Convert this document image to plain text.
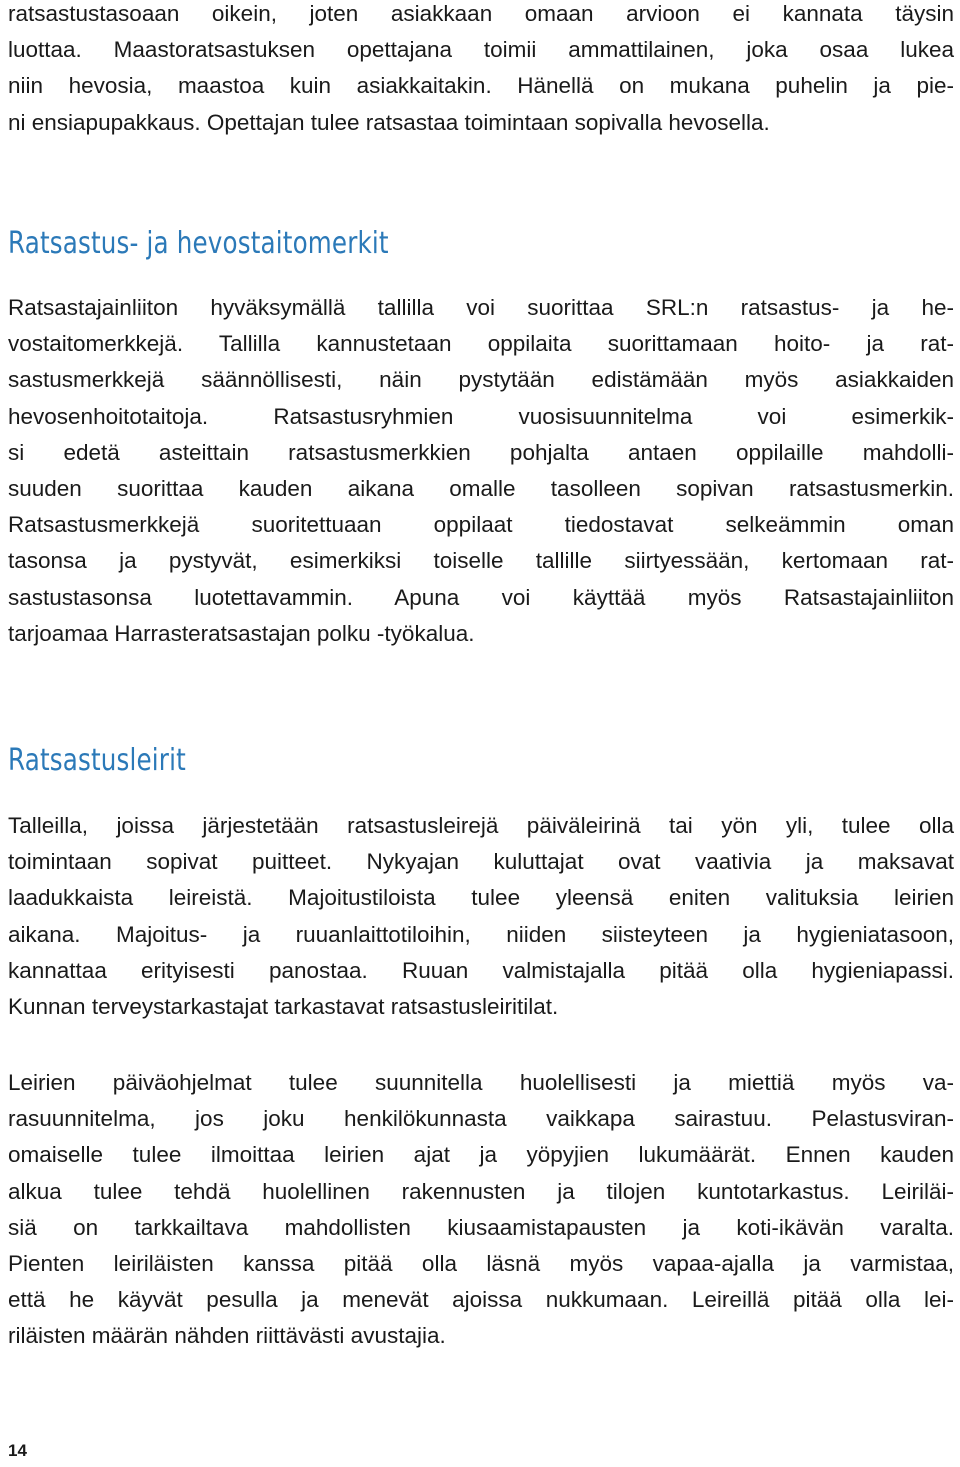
ratsastustasoaan oikein, joten asiakkaan omaan arvioon ei kannata täysin
luottaa. Maastoratsastuksen opettajana toimii ammattilainen, joka osaa lukea
niin hevosia, maastoa kuin asiakkaitakin. Hänellä on mukana puhelin ja pie-
ni ensiapupakkaus. Opettajan tulee ratsastaa toimintaan sopivalla hevosella.
Ratsastus- ja hevostaitomerkit
Ratsastajainliiton hyväksymällä tallilla voi suorittaa SRL:n ratsastus- ja he-
vostaitomerkkejä. Tallilla kannustetaan oppilaita suorittamaan hoito- ja rat-
sastusmerkkejä säännöllisesti, näin pystytään edistämään myös asiakkaiden
hevosenhoitotaitoja. Ratsastusryhmien vuosisuunnitelma voi esimerkik-
si edetä asteittain ratsastusmerkkien pohjalta antaen oppilaille mahdolli-
suuden suorittaa kauden aikana omalle tasolleen sopivan ratsastusmerkin.
Ratsastusmerkkejä suoritettuaan oppilaat tiedostavat selkeämmin oman
tasonsa ja pystyvät, esimerkiksi toiselle tallille siirtyessään, kertomaan rat-
sastustasonsa luotettavammin. Apuna voi käyttää myös Ratsastajainliiton
tarjoamaa Harrasteratsastajan polku -työkalua.
Ratsastusleirit
Talleilla, joissa järjestetään ratsastusleirejä päiväleirinä tai yön yli, tulee olla
toimintaan sopivat puitteet. Nykyajan kuluttajat ovat vaativia ja maksavat
laadukkaista leireistä. Majoitustiloista tulee yleensä eniten valituksia leirien
aikana. Majoitus- ja ruuanlaittotiloihin, niiden siisteyteen ja hygieniatasoon,
kannattaa erityisesti panostaa. Ruuan valmistajalla pitää olla hygieniapassi.
Kunnan terveystarkastajat tarkastavat ratsastusleiritilat.
Leirien päiväohjelmat tulee suunnitella huolellisesti ja miettiä myös va-
rasuunnitelma, jos joku henkilökunnasta vaikkapa sairastuu. Pelastusviran-
omaiselle tulee ilmoittaa leirien ajat ja yöpyjien lukumäärät. Ennen kauden
alkua tulee tehdä huolellinen rakennusten ja tilojen kuntotarkastus. Leiriläi-
siä on tarkkailtava mahdollisten kiusaamistapausten ja koti-ikävän varalta.
Pienten leiriläisten kanssa pitää olla läsnä myös vapaa-ajalla ja varmistaa,
että he käyvät pesulla ja menevät ajoissa nukkumaan. Leireillä pitää olla lei-
riläisten määrän nähden riittävästi avustajia.
14
